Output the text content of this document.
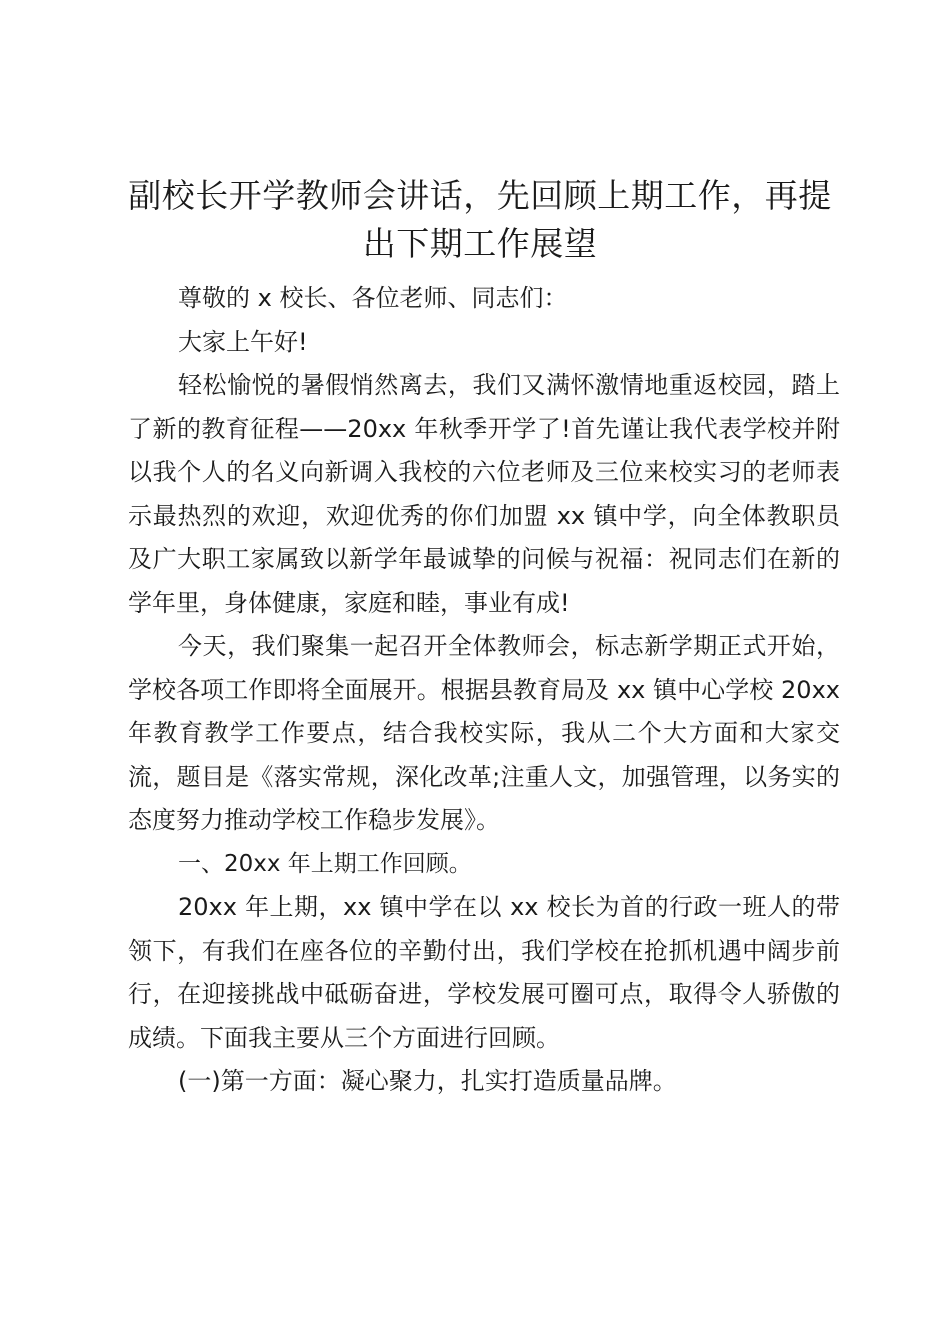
副校长开学教师会讲话，先回顾上期工作，再提出下期工作展望

尊敬的 x 校长、各位老师、同志们：

大家上午好!

轻松愉悦的暑假悄然离去，我们又满怀激情地重返校园，踏上了新的教育征程——20xx 年秋季开学了!首先谨让我代表学校并附以我个人的名义向新调入我校的六位老师及三位来校实习的老师表示最热烈的欢迎，欢迎优秀的你们加盟 xx 镇中学，向全体教职员及广大职工家属致以新学年最诚挚的问候与祝福：祝同志们在新的学年里，身体健康，家庭和睦，事业有成!

今天，我们聚集一起召开全体教师会，标志新学期正式开始，学校各项工作即将全面展开。根据县教育局及 xx 镇中心学校 20xx 年教育教学工作要点，结合我校实际，我从二个大方面和大家交流，题目是《落实常规，深化改革;注重人文，加强管理，以务实的态度努力推动学校工作稳步发展》。

一、20xx 年上期工作回顾。

20xx 年上期，xx 镇中学在以 xx 校长为首的行政一班人的带领下，有我们在座各位的辛勤付出，我们学校在抢抓机遇中阔步前行，在迎接挑战中砥砺奋进，学校发展可圈可点，取得令人骄傲的成绩。下面我主要从三个方面进行回顾。

(一)第一方面：凝心聚力，扎实打造质量品牌。
